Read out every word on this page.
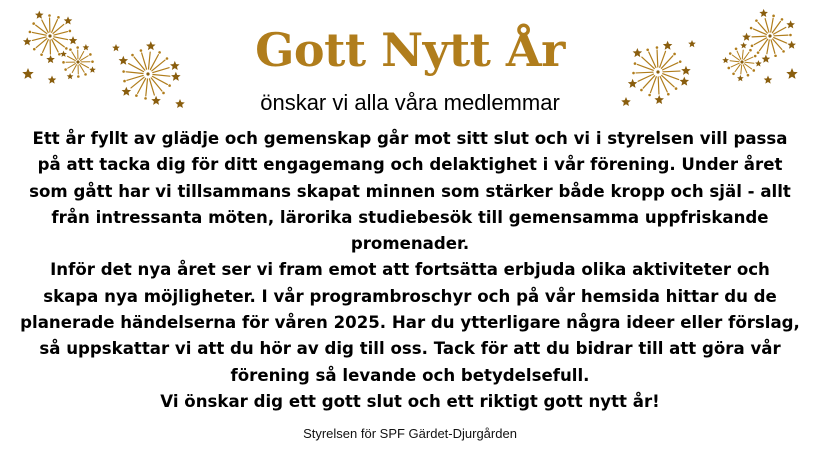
Gott Nytt År
önskar vi alla våra medlemmar

Ett år fyllt av glädje och gemenskap går mot sitt slut och vi i styrelsen vill passa på att tacka dig för ditt engagemang och delaktighet i vår förening. Under året som gått har vi tillsammans skapat minnen som stärker både kropp och själ - allt från intressanta möten, lärorika studiebesök till gemensamma uppfriskande promenader.

Inför det nya året ser vi fram emot att fortsätta erbjuda olika aktiviteter och skapa nya möjligheter. I vår programbroschyr och på vår hemsida hittar du de planerade händelserna för våren 2025. Har du ytterligare några ideer eller förslag, så uppskattar vi att du hör av dig till oss. Tack för att du bidrar till att göra vår förening så levande och betydelsefull.

Vi önskar dig ett gott slut och ett riktigt gott nytt år!

Styrelsen för SPF Gärdet-Djurgården
